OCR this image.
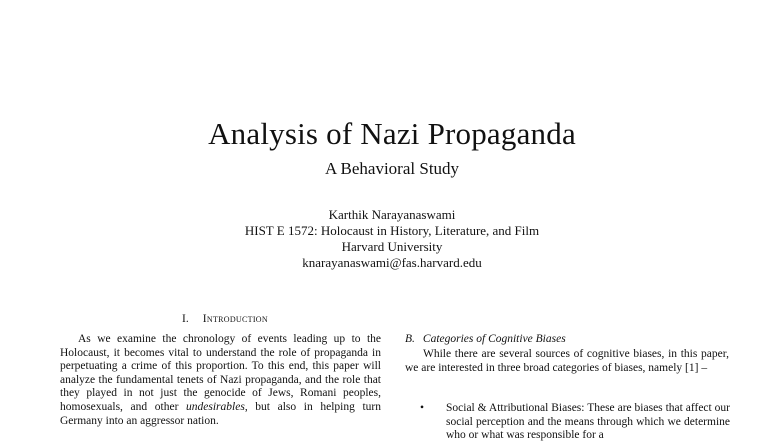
Analysis of Nazi Propaganda
A Behavioral Study
Karthik Narayanaswami
HIST E 1572: Holocaust in History, Literature, and Film
Harvard University
knarayanaswami@fas.harvard.edu
I. Introduction

As we examine the chronology of events leading up to the Holocaust, it becomes vital to understand the role of propaganda in perpetuating a crime of this proportion. To this end, this paper will analyze the fundamental tenets of Nazi propaganda, and the role that they played in not just the genocide of Jews, Romani peoples, homosexuals, and other undesirables, but also in helping turn Germany into an aggressor nation.

B. Categories of Cognitive Biases

While there are several sources of cognitive biases, in this paper, we are interested in three broad categories of biases, namely [1] –

•	Social & Attributional Biases: These are biases that affect our social perception and the means through which we determine who or what was responsible for a
